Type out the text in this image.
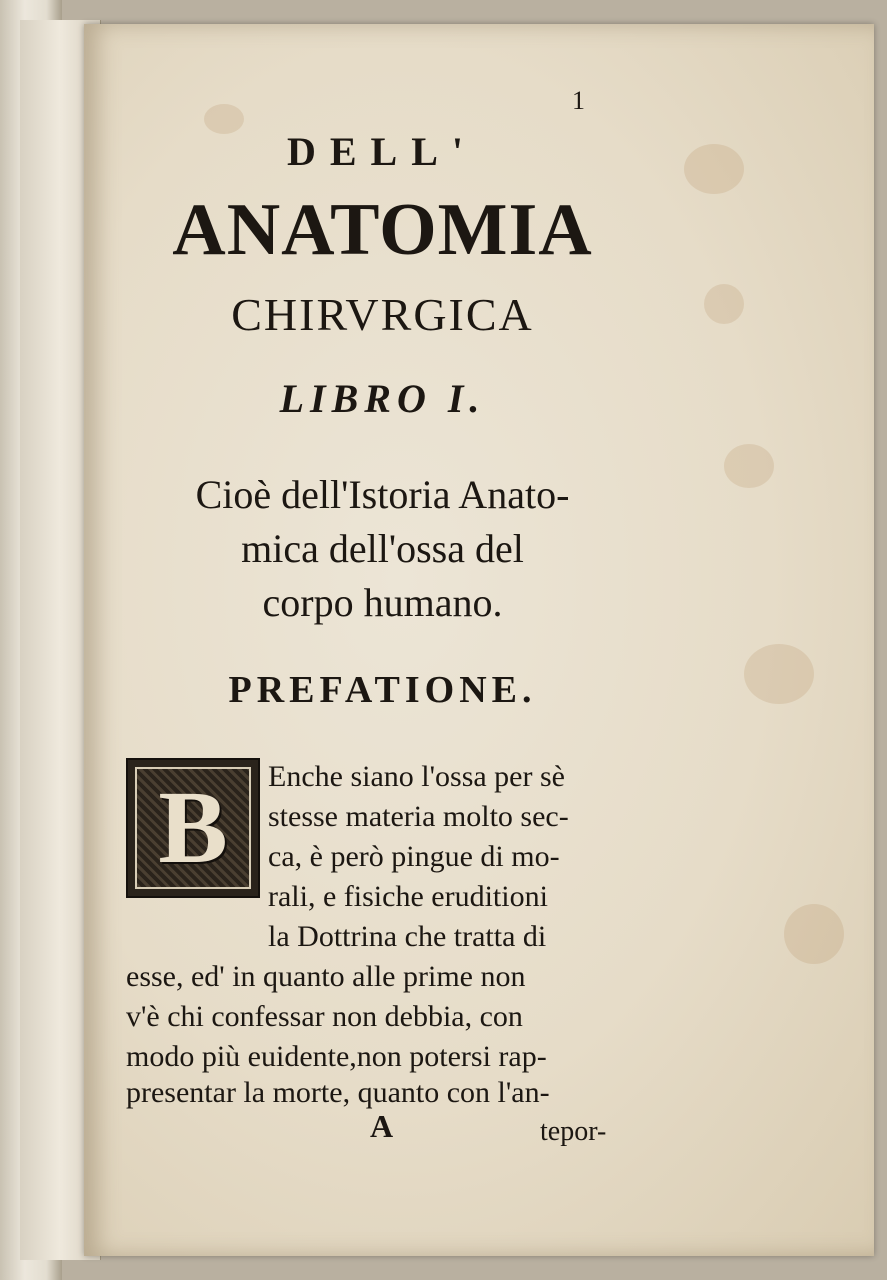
1
DELL'
ANATOMIA
CHIRVRGICA
LIBRO I.
Cioè dell'Istoria Anato-
mica dell'ossa del
corpo humano.
PREFATIONE.
B Enche siano l'ossa per sè
stesse materia molto sec-
ca, è però pingue di mo-
rali, e fisiche eruditioni
la Dottrina che tratta di
esse, ed' in quanto alle prime non
v'è chi confessar non debbia, con
modo più euidente,non potersi rap-
presentar la morte, quanto con l'an-
A	tepor-
